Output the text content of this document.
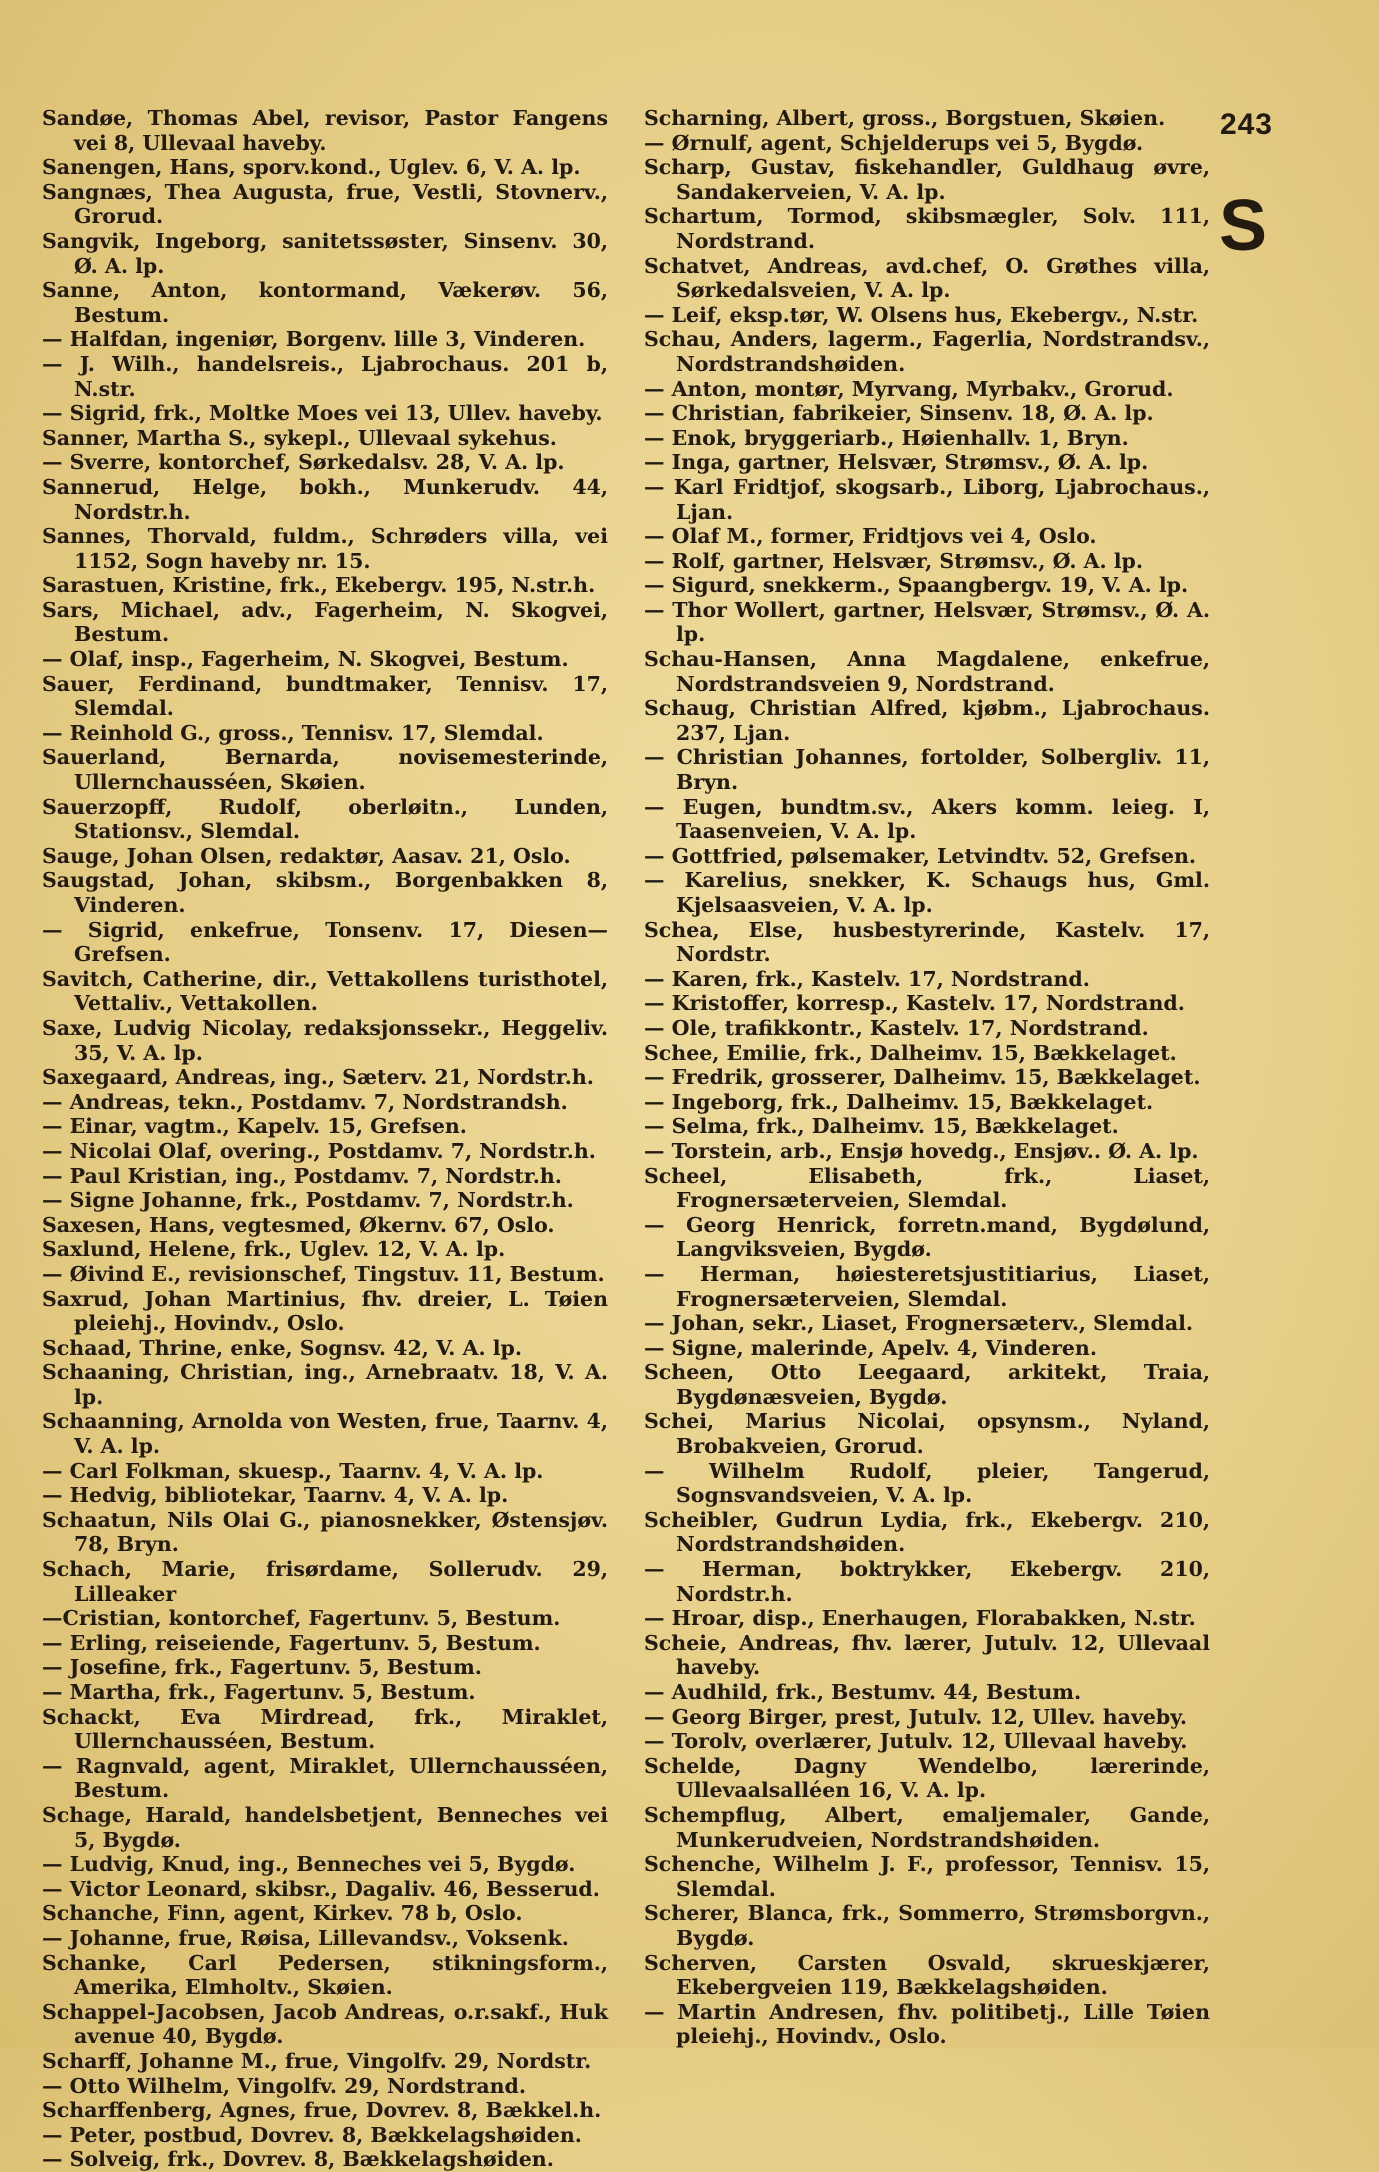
243
S

Sandøe, Thomas Abel, revisor, Pastor Fangens vei 8, Ullevaal haveby.

Sanengen, Hans, sporv.kond., Uglev. 6, V. A. lp.

Sangnæs, Thea Augusta, frue, Vestli, Stovnerv., Grorud.

Sangvik, Ingeborg, sanitetssøster, Sinsenv. 30, Ø. A. lp.

Sanne, Anton, kontormand, Vækerøv. 56, Bestum.

— Halfdan, ingeniør, Borgenv. lille 3, Vinderen.

— J. Wilh., handelsreis., Ljabrochaus. 201 b, N.str.

— Sigrid, frk., Moltke Moes vei 13, Ullev. haveby.

Sanner, Martha S., sykepl., Ullevaal sykehus.

— Sverre, kontorchef, Sørkedalsv. 28, V. A. lp.

Sannerud, Helge, bokh., Munkerudv. 44, Nordstr.h.

Sannes, Thorvald, fuldm., Schrøders villa, vei 1152, Sogn haveby nr. 15.

Sarastuen, Kristine, frk., Ekebergv. 195, N.str.h.

Sars, Michael, adv., Fagerheim, N. Skogvei, Bestum.

— Olaf, insp., Fagerheim, N. Skogvei, Bestum.

Sauer, Ferdinand, bundtmaker, Tennisv. 17, Slemdal.

— Reinhold G., gross., Tennisv. 17, Slemdal.

Sauerland, Bernarda, novisemesterinde, Ullernchausséen, Skøien.

Sauerzopff, Rudolf, oberløitn., Lunden, Stationsv., Slemdal.

Sauge, Johan Olsen, redaktør, Aasav. 21, Oslo.

Saugstad, Johan, skibsm., Borgenbakken 8, Vinderen.

— Sigrid, enkefrue, Tonsenv. 17, Diesen—Grefsen.

Savitch, Catherine, dir., Vettakollens turisthotel, Vettaliv., Vettakollen.

Saxe, Ludvig Nicolay, redaksjonssekr., Heggeliv. 35, V. A. lp.

Saxegaard, Andreas, ing., Sæterv. 21, Nordstr.h.

— Andreas, tekn., Postdamv. 7, Nordstrandsh.

— Einar, vagtm., Kapelv. 15, Grefsen.

— Nicolai Olaf, overing., Postdamv. 7, Nordstr.h.

— Paul Kristian, ing., Postdamv. 7, Nordstr.h.

— Signe Johanne, frk., Postdamv. 7, Nordstr.h.

Saxesen, Hans, vegtesmed, Økernv. 67, Oslo.

Saxlund, Helene, frk., Uglev. 12, V. A. lp.

— Øivind E., revisionschef, Tingstuv. 11, Bestum.

Saxrud, Johan Martinius, fhv. dreier, L. Tøien pleiehj., Hovindv., Oslo.

Schaad, Thrine, enke, Sognsv. 42, V. A. lp.

Schaaning, Christian, ing., Arnebraatv. 18, V. A. lp.

Schaanning, Arnolda von Westen, frue, Taarnv. 4, V. A. lp.

— Carl Folkman, skuesp., Taarnv. 4, V. A. lp.

— Hedvig, bibliotekar, Taarnv. 4, V. A. lp.

Schaatun, Nils Olai G., pianosnekker, Østensjøv. 78, Bryn.

Schach, Marie, frisørdame, Sollerudv. 29, Lilleaker

—Cristian, kontorchef, Fagertunv. 5, Bestum.

— Erling, reiseiende, Fagertunv. 5, Bestum.

— Josefine, frk., Fagertunv. 5, Bestum.

— Martha, frk., Fagertunv. 5, Bestum.

Schackt, Eva Mirdread, frk., Miraklet, Ullernchausséen, Bestum.

— Ragnvald, agent, Miraklet, Ullernchausséen, Bestum.

Schage, Harald, handelsbetjent, Benneches vei 5, Bygdø.

— Ludvig, Knud, ing., Benneches vei 5, Bygdø.

— Victor Leonard, skibsr., Dagaliv. 46, Besserud.

Schanche, Finn, agent, Kirkev. 78 b, Oslo.

— Johanne, frue, Røisa, Lillevandsv., Voksenk.

Schanke, Carl Pedersen, stikningsform., Amerika, Elmholtv., Skøien.

Schappel-Jacobsen, Jacob Andreas, o.r.sakf., Huk avenue 40, Bygdø.

Scharff, Johanne M., frue, Vingolfv. 29, Nordstr.

— Otto Wilhelm, Vingolfv. 29, Nordstrand.

Scharffenberg, Agnes, frue, Dovrev. 8, Bækkel.h.

— Peter, postbud, Dovrev. 8, Bækkelagshøiden.

— Solveig, frk., Dovrev. 8, Bækkelagshøiden.

Scharning, Albert, gross., Borgstuen, Skøien.

— Ørnulf, agent, Schjelderups vei 5, Bygdø.

Scharp, Gustav, fiskehandler, Guldhaug øvre, Sandakerveien, V. A. lp.

Schartum, Tormod, skibsmægler, Solv. 111, Nordstrand.

Schatvet, Andreas, avd.chef, O. Grøthes villa, Sørkedalsveien, V. A. lp.

— Leif, eksp.tør, W. Olsens hus, Ekebergv., N.str.

Schau, Anders, lagerm., Fagerlia, Nordstrandsv., Nordstrandshøiden.

— Anton, montør, Myrvang, Myrbakv., Grorud.

— Christian, fabrikeier, Sinsenv. 18, Ø. A. lp.

— Enok, bryggeriarb., Høienhallv. 1, Bryn.

— Inga, gartner, Helsvær, Strømsv., Ø. A. lp.

— Karl Fridtjof, skogsarb., Liborg, Ljabrochaus., Ljan.

— Olaf M., former, Fridtjovs vei 4, Oslo.

— Rolf, gartner, Helsvær, Strømsv., Ø. A. lp.

— Sigurd, snekkerm., Spaangbergv. 19, V. A. lp.

— Thor Wollert, gartner, Helsvær, Strømsv., Ø. A. lp.

Schau-Hansen, Anna Magdalene, enkefrue, Nordstrandsveien 9, Nordstrand.

Schaug, Christian Alfred, kjøbm., Ljabrochaus. 237, Ljan.

— Christian Johannes, fortolder, Solbergliv. 11, Bryn.

— Eugen, bundtm.sv., Akers komm. leieg. I, Taasenveien, V. A. lp.

— Gottfried, pølsemaker, Letvindtv. 52, Grefsen.

— Karelius, snekker, K. Schaugs hus, Gml. Kjelsaasveien, V. A. lp.

Schea, Else, husbestyrerinde, Kastelv. 17, Nordstr.

— Karen, frk., Kastelv. 17, Nordstrand.

— Kristoffer, korresp., Kastelv. 17, Nordstrand.

— Ole, trafikkontr., Kastelv. 17, Nordstrand.

Schee, Emilie, frk., Dalheimv. 15, Bækkelaget.

— Fredrik, grosserer, Dalheimv. 15, Bækkelaget.

— Ingeborg, frk., Dalheimv. 15, Bækkelaget.

— Selma, frk., Dalheimv. 15, Bækkelaget.

— Torstein, arb., Ensjø hovedg., Ensjøv.. Ø. A. lp.

Scheel, Elisabeth, frk., Liaset, Frognersæterveien, Slemdal.

— Georg Henrick, forretn.mand, Bygdølund, Langviksveien, Bygdø.

— Herman, høiesteretsjustitiarius, Liaset, Frognersæterveien, Slemdal.

— Johan, sekr., Liaset, Frognersæterv., Slemdal.

— Signe, malerinde, Apelv. 4, Vinderen.

Scheen, Otto Leegaard, arkitekt, Traia, Bygdønæsveien, Bygdø.

Schei, Marius Nicolai, opsynsm., Nyland, Brobakveien, Grorud.

— Wilhelm Rudolf, pleier, Tangerud, Sognsvandsveien, V. A. lp.

Scheibler, Gudrun Lydia, frk., Ekebergv. 210, Nordstrandshøiden.

— Herman, boktrykker, Ekebergv. 210, Nordstr.h.

— Hroar, disp., Enerhaugen, Florabakken, N.str.

Scheie, Andreas, fhv. lærer, Jutulv. 12, Ullevaal haveby.

— Audhild, frk., Bestumv. 44, Bestum.

— Georg Birger, prest, Jutulv. 12, Ullev. haveby.

— Torolv, overlærer, Jutulv. 12, Ullevaal haveby.

Schelde, Dagny Wendelbo, lærerinde, Ullevaalsalléen 16, V. A. lp.

Schempflug, Albert, emaljemaler, Gande, Munkerudveien, Nordstrandshøiden.

Schenche, Wilhelm J. F., professor, Tennisv. 15, Slemdal.

Scherer, Blanca, frk., Sommerro, Strømsborgvn., Bygdø.

Scherven, Carsten Osvald, skrueskjærer, Ekebergveien 119, Bækkelagshøiden.

— Martin Andresen, fhv. politibetj., Lille Tøien pleiehj., Hovindv., Oslo.
